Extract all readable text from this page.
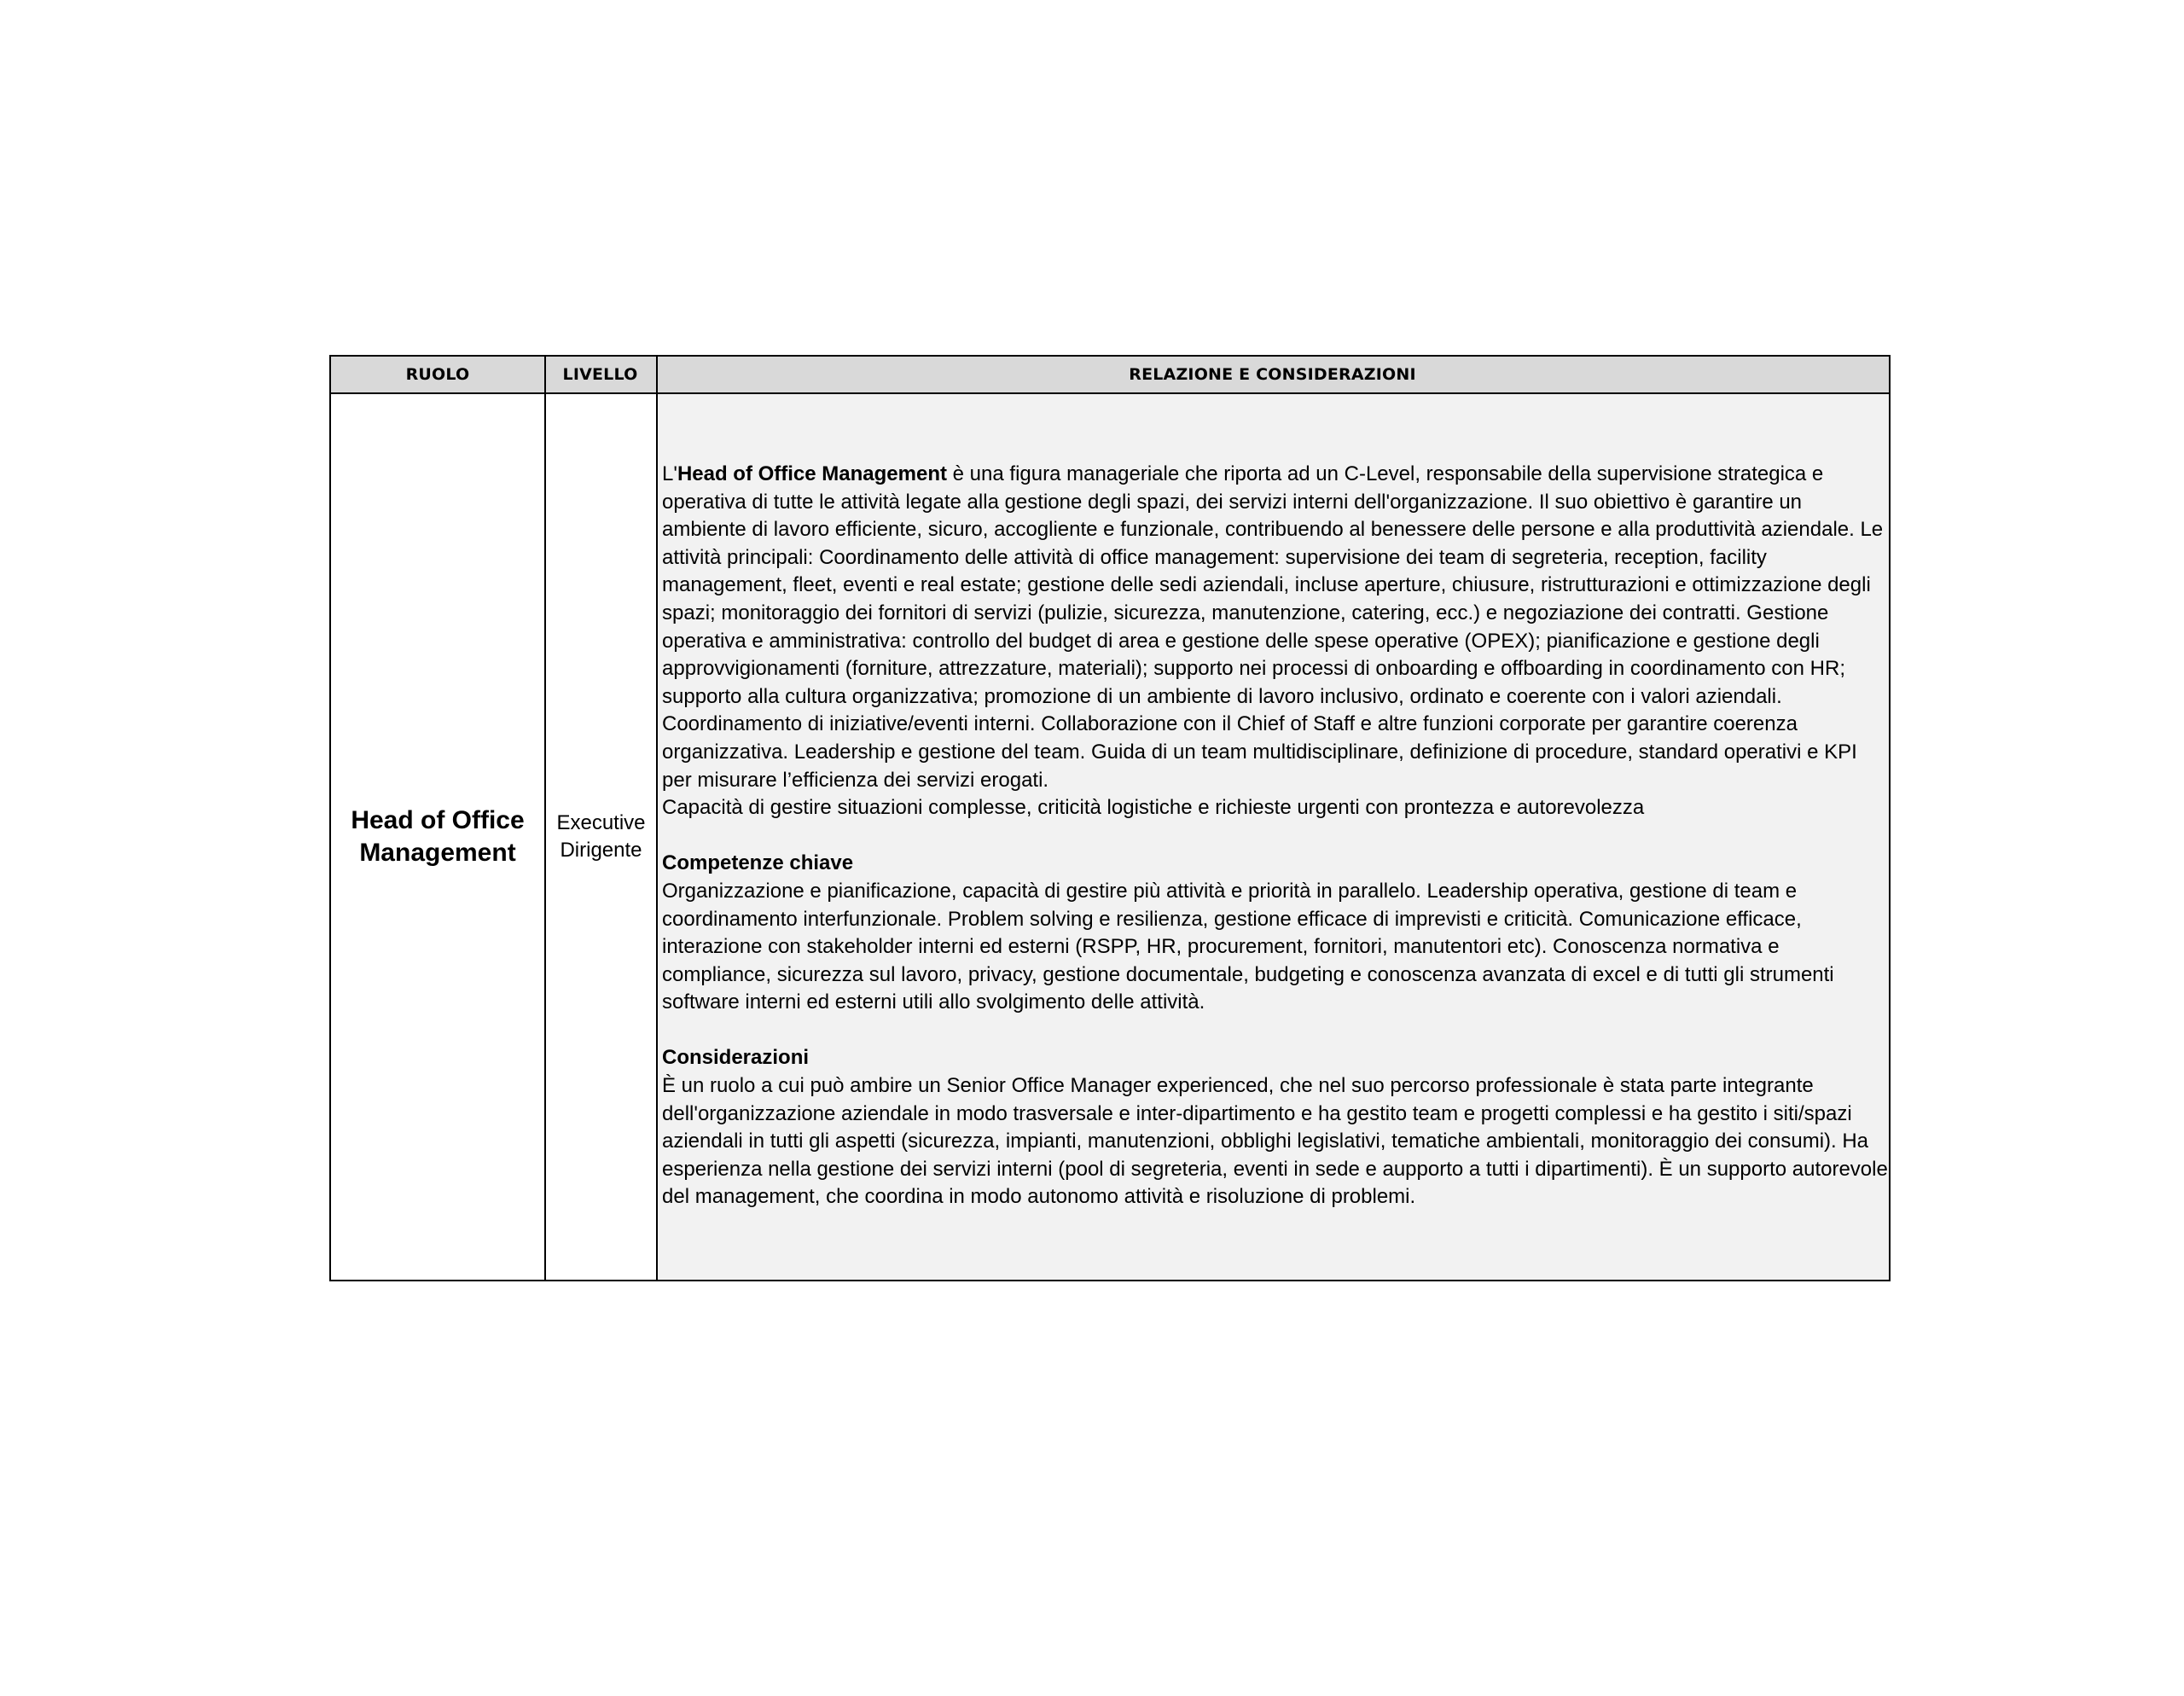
RUOLO	LIVELLO	RELAZIONE E CONSIDERAZIONI
Head of Office Management
Executive
Dirigente

L'Head of Office Management è una figura manageriale che riporta ad un C-Level, responsabile della supervisione strategica e operativa di tutte le attività legate alla gestione degli spazi, dei servizi interni dell'organizzazione. Il suo obiettivo è garantire un ambiente di lavoro efficiente, sicuro, accogliente e funzionale, contribuendo al benessere delle persone e alla produttività aziendale. Le attività principali: Coordinamento delle attività di office management: supervisione dei team di segreteria, reception, facility management, fleet, eventi e real estate; gestione delle sedi aziendali, incluse aperture, chiusure, ristrutturazioni e ottimizzazione degli spazi; monitoraggio dei fornitori di servizi (pulizie, sicurezza, manutenzione, catering, ecc.) e negoziazione dei contratti. Gestione operativa e amministrativa: controllo del budget di area e gestione delle spese operative (OPEX); pianificazione e gestione degli approvvigionamenti (forniture, attrezzature, materiali); supporto nei processi di onboarding e offboarding in coordinamento con HR; supporto alla cultura organizzativa; promozione di un ambiente di lavoro inclusivo, ordinato e coerente con i valori aziendali. Coordinamento di iniziative/eventi interni. Collaborazione con il Chief of Staff e altre funzioni corporate per garantire coerenza organizzativa. Leadership e gestione del team. Guida di un team multidisciplinare, definizione di procedure, standard operativi e KPI per misurare l’efficienza dei servizi erogati.

Capacità di gestire situazioni complesse, criticità logistiche e richieste urgenti con prontezza e autorevolezza

Competenze chiave

Organizzazione e pianificazione, capacità di gestire più attività e priorità in parallelo. Leadership operativa, gestione di team e coordinamento interfunzionale. Problem solving e resilienza, gestione efficace di imprevisti e criticità. Comunicazione efficace, interazione con stakeholder interni ed esterni (RSPP, HR, procurement, fornitori, manutentori etc). Conoscenza normativa e compliance, sicurezza sul lavoro, privacy, gestione documentale, budgeting e conoscenza avanzata di excel e di tutti gli strumenti software interni ed esterni utili allo svolgimento delle attività.

Considerazioni

È un ruolo a cui può ambire un Senior Office Manager experienced, che nel suo percorso professionale è stata parte integrante dell'organizzazione aziendale in modo trasversale e inter-dipartimento e ha gestito team e progetti complessi e ha gestito i siti/spazi aziendali in tutti gli aspetti (sicurezza, impianti, manutenzioni, obblighi legislativi, tematiche ambientali, monitoraggio dei consumi). Ha esperienza nella gestione dei servizi interni (pool di segreteria, eventi in sede e aupporto a tutti i dipartimenti). È un supporto autorevole del management, che coordina in modo autonomo attività e risoluzione di problemi.
